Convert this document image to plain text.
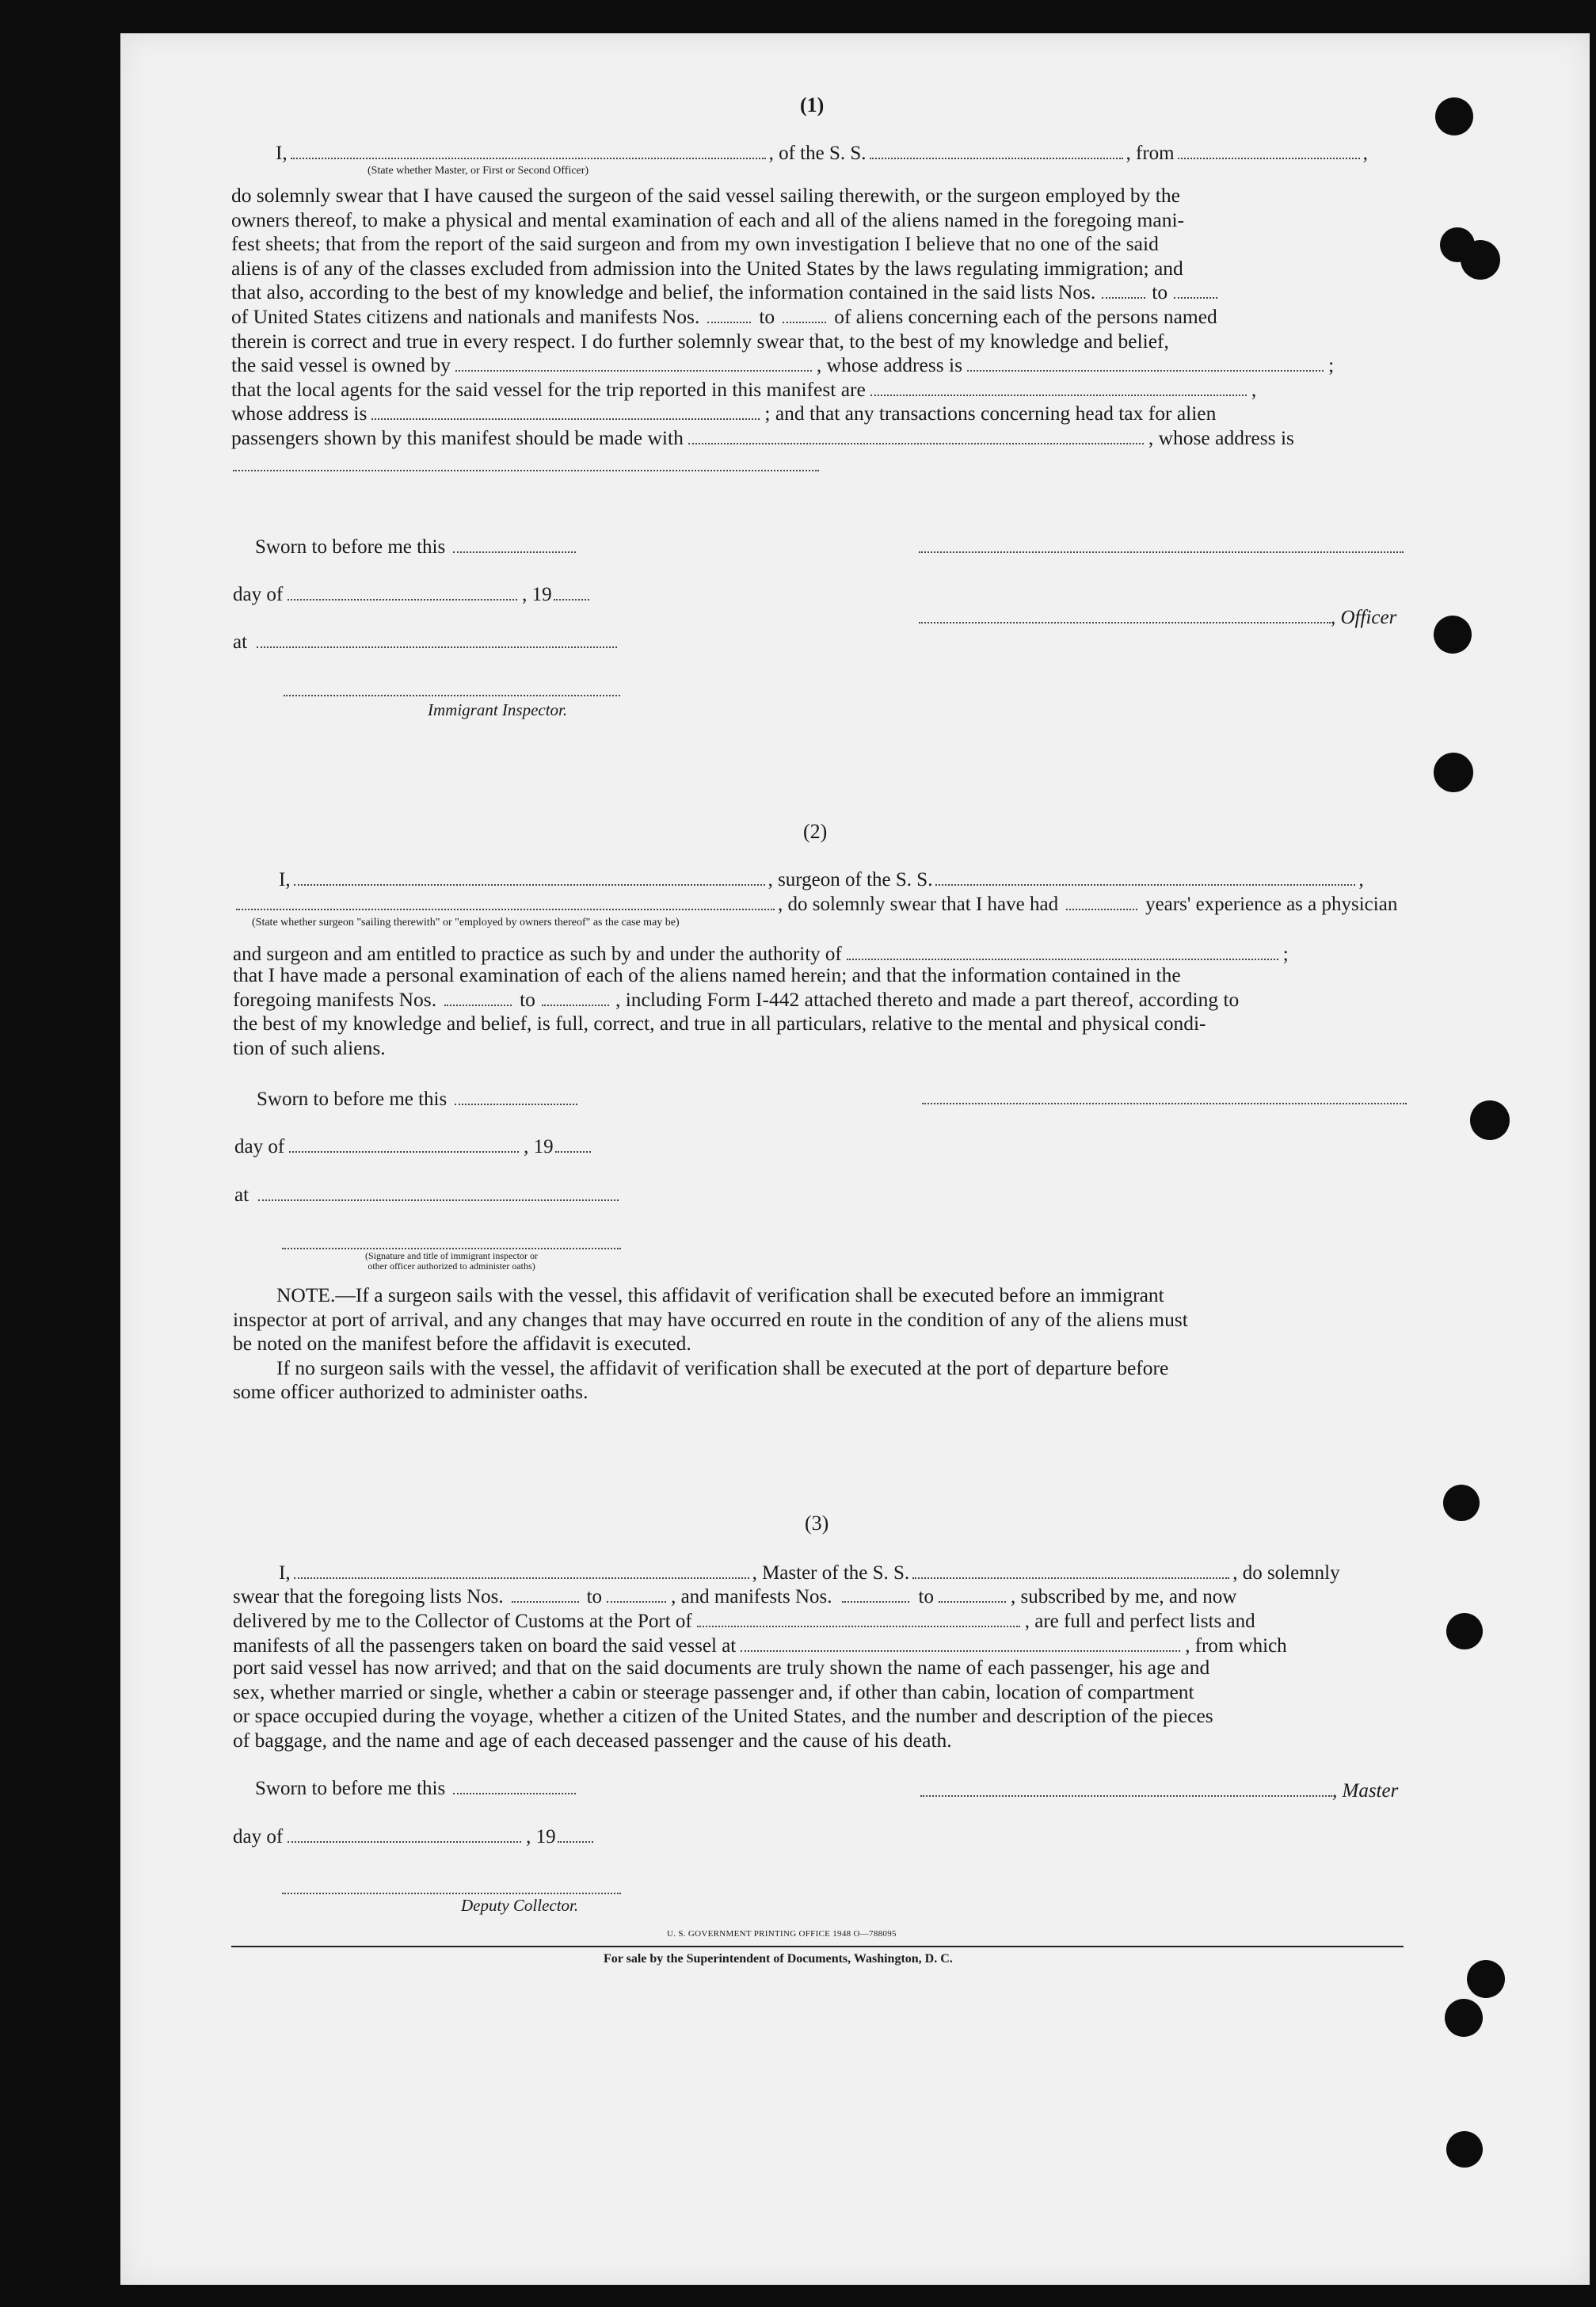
(1)
I,	, of the S. S.	, from	,
(State whether Master, or First or Second Officer)

do solemnly swear that I have caused the surgeon of the said vessel sailing therewith, or the surgeon employed by the

owners thereof, to make a physical and mental examination of each and all of the aliens named in the foregoing mani-

fest sheets; that from the report of the said surgeon and from my own investigation I believe that no one of the said

aliens is of any of the classes excluded from admission into the United States by the laws regulating immigration; and

that also, according to the best of my knowledge and belief, the information contained in the said lists Nos.	to

of United States citizens and nationals and manifests Nos.	to	of aliens concerning each of the persons named

therein is correct and true in every respect. I do further solemnly swear that, to the best of my knowledge and belief,

the said vessel is owned by	, whose address is	;

that the local agents for the said vessel for the trip reported in this manifest are	,

whose address is	; and that any transactions concerning head tax for alien

passengers shown by this manifest should be made with	, whose address is

Sworn to before me this
day of	, 19
, Officer
at
Immigrant Inspector.
(2)
I,	, surgeon of the S. S.	,
, do solemnly swear that I have had	years' experience as a physician
(State whether surgeon "sailing therewith" or "employed by owners thereof" as the case may be)
and surgeon and am entitled to practice as such by and under the authority of	;

that I have made a personal examination of each of the aliens named herein; and that the information contained in the

foregoing manifests Nos.	to	, including Form I-442 attached thereto and made a part thereof, according to

the best of my knowledge and belief, is full, correct, and true in all particulars, relative to the mental and physical condi-

tion of such aliens.

Sworn to before me this
day of	, 19
at
(Signature and title of immigrant inspector or
other officer authorized to administer oaths)

NOTE.—If a surgeon sails with the vessel, this affidavit of verification shall be executed before an immigrant

inspector at port of arrival, and any changes that may have occurred en route in the condition of any of the aliens must

be noted on the manifest before the affidavit is executed.

If no surgeon sails with the vessel, the affidavit of verification shall be executed at the port of departure before

some officer authorized to administer oaths.

(3)
I,	, Master of the S. S.	, do solemnly
swear that the foregoing lists Nos.	to	, and manifests Nos.	to	, subscribed by me, and now
delivered by me to the Collector of Customs at the Port of	, are full and perfect lists and
manifests of all the passengers taken on board the said vessel at	, from which

port said vessel has now arrived; and that on the said documents are truly shown the name of each passenger, his age and

sex, whether married or single, whether a cabin or steerage passenger and, if other than cabin, location of compartment

or space occupied during the voyage, whether a citizen of the United States, and the number and description of the pieces

of baggage, and the name and age of each deceased passenger and the cause of his death.

Sworn to before me this	, Master
day of	, 19
Deputy Collector.
U. S. GOVERNMENT PRINTING OFFICE 1948 O—788095
For sale by the Superintendent of Documents, Washington, D. C.
